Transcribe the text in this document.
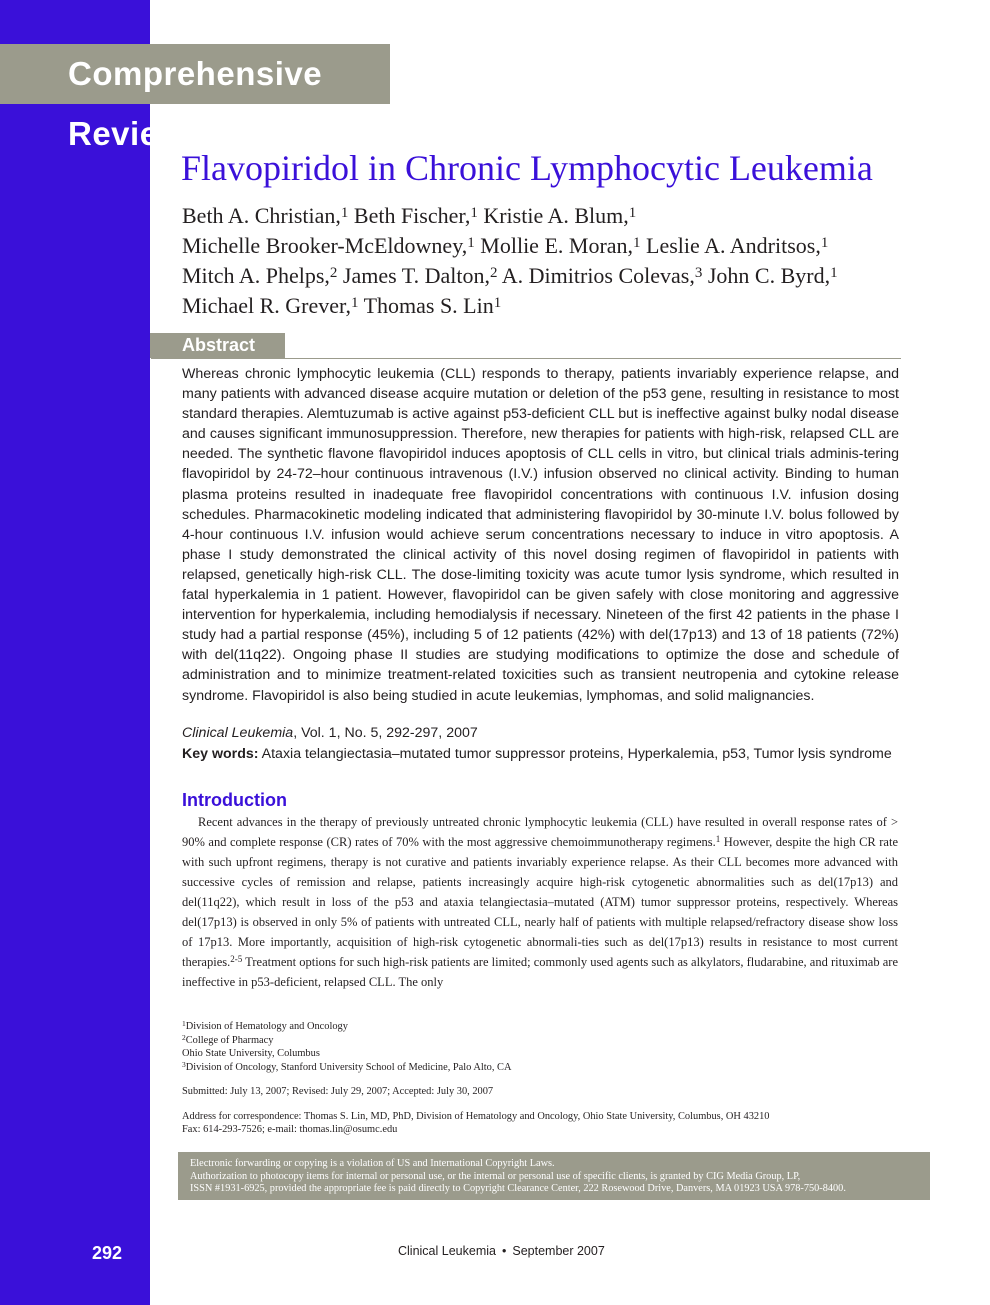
Comprehensive Review
Flavopiridol in Chronic Lymphocytic Leukemia
Beth A. Christian,$^1$ Beth Fischer,$^1$ Kristie A. Blum,$^1$
Michelle Brooker-McEldowney,$^1$ Mollie E. Moran,$^1$ Leslie A. Andritsos,$^1$
Mitch A. Phelps,$^2$ James T. Dalton,$^2$ A. Dimitrios Colevas,$^3$ John C. Byrd,$^1$
Michael R. Grever,$^1$ Thomas S. Lin$^1$
Abstract

Whereas chronic lymphocytic leukemia (CLL) responds to therapy, patients invariably experience relapse, and many patients with advanced disease acquire mutation or deletion of the p53 gene, resulting in resistance to most standard therapies. Alemtuzumab is active against p53-deficient CLL but is ineffective against bulky nodal disease and causes significant immunosuppression. Therefore, new therapies for patients with high-risk, relapsed CLL are needed. The synthetic flavone flavopiridol induces apoptosis of CLL cells in vitro, but clinical trials adminis-tering flavopiridol by 24-72–hour continuous intravenous (I.V.) infusion observed no clinical activity. Binding to human plasma proteins resulted in inadequate free flavopiridol concentrations with continuous I.V. infusion dosing schedules. Pharmacokinetic modeling indicated that administering flavopiridol by 30-minute I.V. bolus followed by 4-hour continuous I.V. infusion would achieve serum concentrations necessary to induce in vitro apoptosis. A phase I study demonstrated the clinical activity of this novel dosing regimen of flavopiridol in patients with relapsed, genetically high-risk CLL. The dose-limiting toxicity was acute tumor lysis syndrome, which resulted in fatal hyperkalemia in 1 patient. However, flavopiridol can be given safely with close monitoring and aggressive intervention for hyperkalemia, including hemodialysis if necessary. Nineteen of the first 42 patients in the phase I study had a partial response (45%), including 5 of 12 patients (42%) with del(17p13) and 13 of 18 patients (72%) with del(11q22). Ongoing phase II studies are studying modifications to optimize the dose and schedule of administration and to minimize treatment-related toxicities such as transient neutropenia and cytokine release syndrome. Flavopiridol is also being studied in acute leukemias, lymphomas, and solid malignancies.

Clinical Leukemia, Vol. 1, No. 5, 292-297, 2007
Key words: Ataxia telangiectasia–mutated tumor suppressor proteins, Hyperkalemia, p53, Tumor lysis syndrome
Introduction

Recent advances in the therapy of previously untreated chronic lymphocytic leukemia (CLL) have resulted in overall response rates of > 90% and complete response (CR) rates of 70% with the most aggressive chemoimmunotherapy regimens.$^1$ However, despite the high CR rate with such upfront regimens, therapy is not curative and patients invariably experience relapse. As their CLL becomes more advanced with successive cycles of remission and relapse, patients increasingly acquire high-risk cytogenetic abnormalities such as del(17p13) and del(11q22), which result in loss of the p53 and ataxia telangiectasia–mutated (ATM) tumor suppressor proteins, respectively. Whereas del(17p13) is observed in only 5% of patients with untreated CLL, nearly half of patients with multiple relapsed/refractory disease show loss of 17p13. More importantly, acquisition of high-risk cytogenetic abnormali-ties such as del(17p13) results in resistance to most current therapies.$^{2-5}$ Treatment options for such high-risk patients are limited; commonly used agents such as alkylators, fludarabine, and rituximab are ineffective in p53-deficient, relapsed CLL. The only

$^1$Division of Hematology and Oncology
$^2$College of Pharmacy
Ohio State University, Columbus
$^3$Division of Oncology, Stanford University School of Medicine, Palo Alto, CA
Submitted: July 13, 2007; Revised: July 29, 2007; Accepted: July 30, 2007
Address for correspondence: Thomas S. Lin, MD, PhD, Division of Hematology and Oncology, Ohio State University, Columbus, OH 43210
Fax: 614-293-7526; e-mail: thomas.lin@osumc.edu
Electronic forwarding or copying is a violation of US and International Copyright Laws.
Authorization to photocopy items for internal or personal use, or the internal or personal use of specific clients, is granted by CIG Media Group, LP,
ISSN #1931-6925, provided the appropriate fee is paid directly to Copyright Clearance Center, 222 Rosewood Drive, Danvers, MA 01923 USA 978-750-8400.
292	Clinical Leukemia • September 2007
